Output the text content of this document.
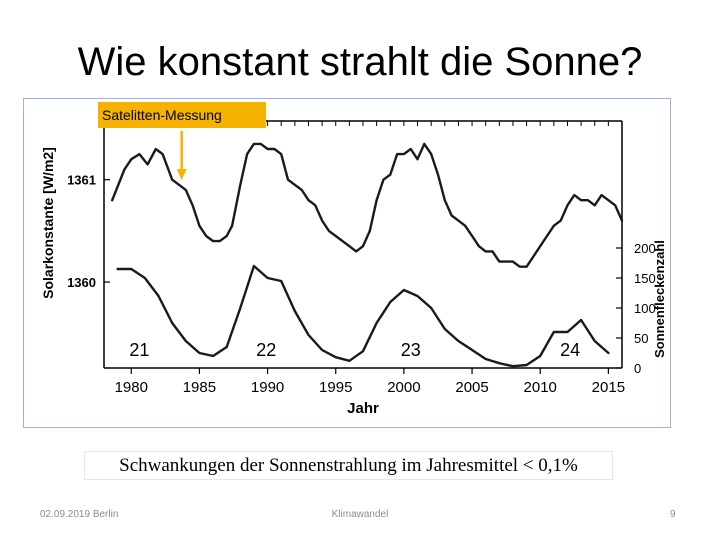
Wie konstant strahlt die Sonne?
1980 1985 1990 1995 2000 2005 2010 2015
Jahr
1361
1360
Solarkonstante [W/m2]	200
150
100
50
0
Sonnenfleckenzahl
21	22	23	24
Satelitten-Messung
Schwankungen der Sonnenstrahlung im Jahresmittel < 0,1%
02.09.2019 Berlin	Klimawandel	9
